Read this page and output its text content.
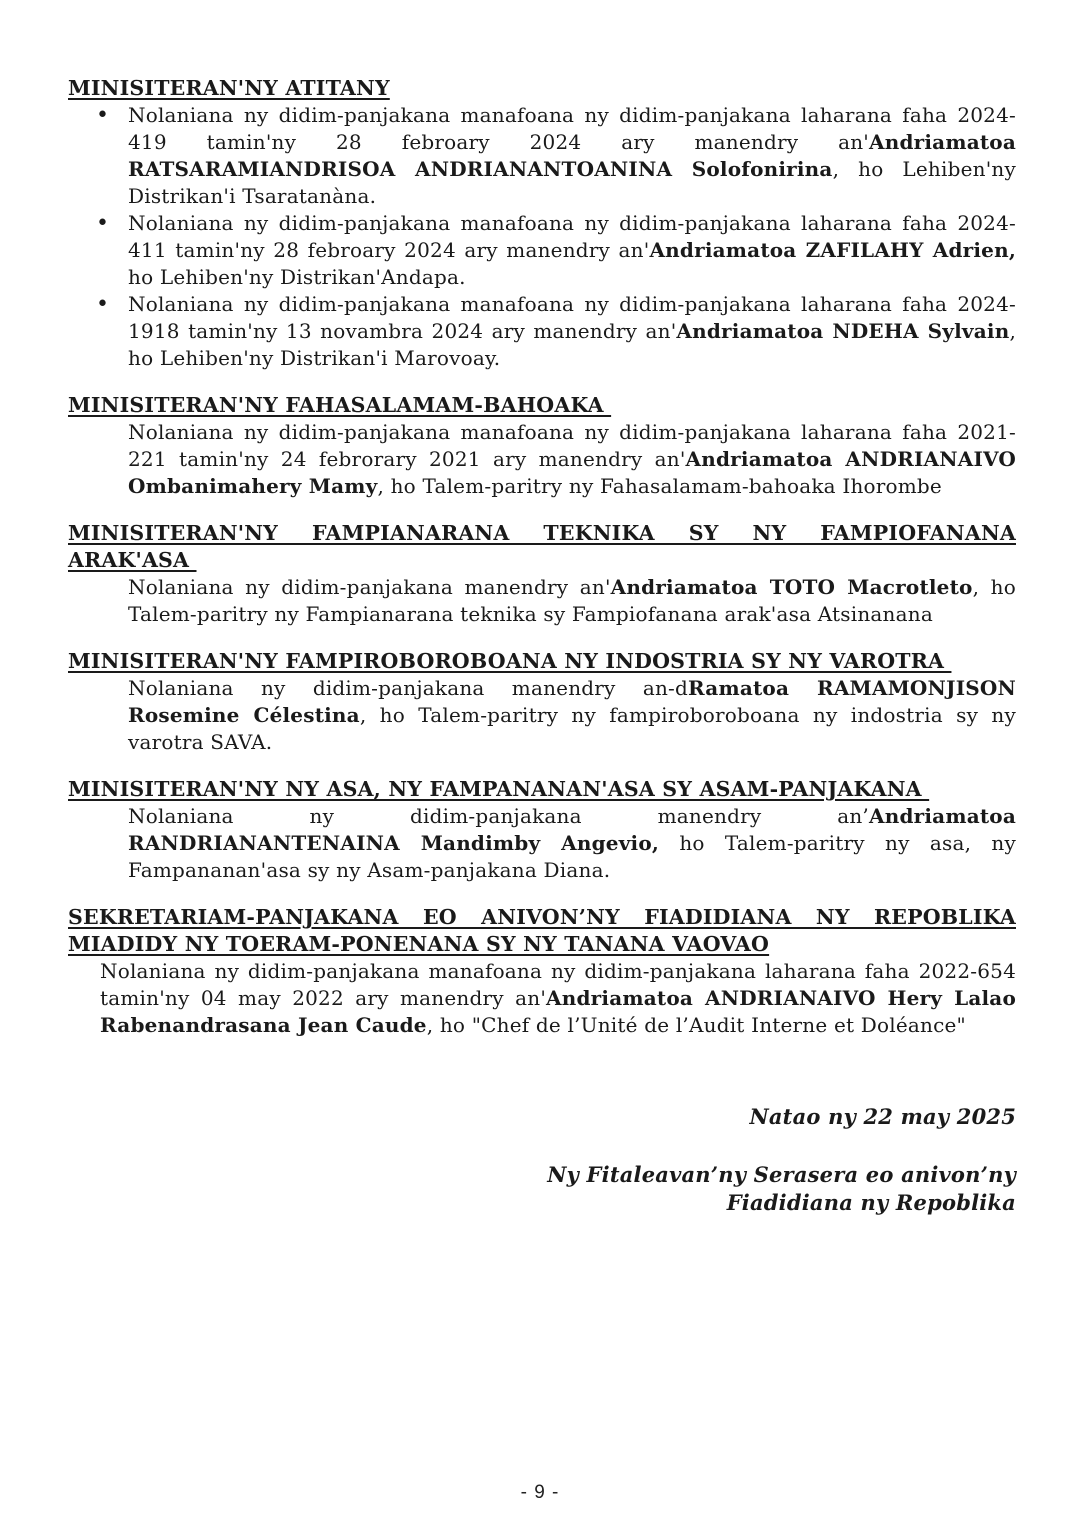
MINISITERAN'NY ATITANY
• Nolaniana ny didim-panjakana manafoana ny didim-panjakana laharana faha 2024-419 tamin'ny 28 febroary 2024 ary manendry an'Andriamatoa RATSARAMIANDRISOA ANDRIANANTOANINA Solofonirina, ho Lehiben'ny Distrikan'i Tsaratanàna.
• Nolaniana ny didim-panjakana manafoana ny didim-panjakana laharana faha 2024-411 tamin'ny 28 febroary 2024 ary manendry an'Andriamatoa ZAFILAHY Adrien, ho Lehiben'ny Distrikan'Andapa.
• Nolaniana ny didim-panjakana manafoana ny didim-panjakana laharana faha 2024-1918 tamin'ny 13 novambra 2024 ary manendry an'Andriamatoa NDEHA Sylvain, ho Lehiben'ny Distrikan'i Marovoay.
MINISITERAN'NY FAHASALAMAM-BAHOAKA

Nolaniana ny didim-panjakana manafoana ny didim-panjakana laharana faha 2021-221 tamin'ny 24 febrorary 2021 ary manendry an'Andriamatoa ANDRIANAIVO Ombanimahery Mamy, ho Talem-paritry ny Fahasalamam-bahoaka Ihorombe

MINISITERAN'NY FAMPIANARANA TEKNIKA SY NY FAMPIOFANANA ARAK'ASA

Nolaniana ny didim-panjakana manendry an'Andriamatoa TOTO Macrotleto, ho Talem-paritry ny Fampianarana teknika sy Fampiofanana arak'asa Atsinanana

MINISITERAN'NY FAMPIROBOROBOANA NY INDOSTRIA SY NY VAROTRA

Nolaniana ny didim-panjakana manendry an-dRamatoa RAMAMONJISON Rosemine Célestina, ho Talem-paritry ny fampiroboroboana ny indostria sy ny varotra SAVA.

MINISITERAN'NY NY ASA, NY FAMPANANAN'ASA SY ASAM-PANJAKANA

Nolaniana ny didim-panjakana manendry an’Andriamatoa RANDRIANANTENAINA Mandimby Angevio, ho Talem-paritry ny asa, ny Fampananan'asa sy ny Asam-panjakana Diana.

SEKRETARIAM-PANJAKANA EO ANIVON’NY FIADIDIANA NY REPOBLIKA MIADIDY NY TOERAM-PONENANA SY NY TANANA VAOVAO

Nolaniana ny didim-panjakana manafoana ny didim-panjakana laharana faha 2022-654 tamin'ny 04 may 2022 ary manendry an'Andriamatoa ANDRIANAIVO Hery Lalao Rabenandrasana Jean Caude, ho "Chef de l’Unité de l’Audit Interne et Doléance"

Natao ny 22 may 2025

Ny Fitaleavan’ny Serasera eo anivon’ny

Fiadidiana ny Repoblika

- 9 -
